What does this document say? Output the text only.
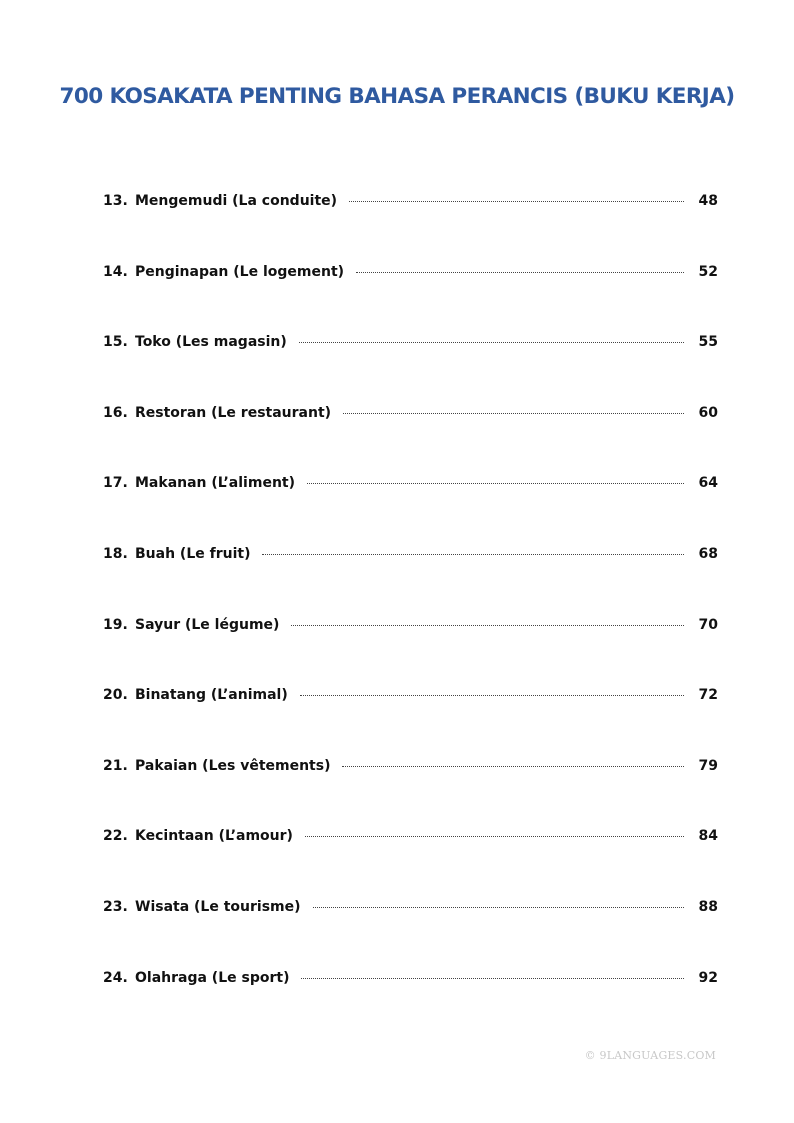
700 KOSAKATA PENTING BAHASA PERANCIS (BUKU KERJA)
13. Mengemudi (La conduite)	48
14. Penginapan (Le logement)	52
15. Toko (Les magasin)	55
16. Restoran (Le restaurant)	60
17. Makanan (L’aliment)	64
18. Buah (Le fruit)	68
19. Sayur (Le légume)	70
20. Binatang (L’animal)	72
21. Pakaian (Les vêtements)	79
22. Kecintaan (L’amour)	84
23. Wisata (Le tourisme)	88
24. Olahraga (Le sport)	92
© 9LANGUAGES.COM
